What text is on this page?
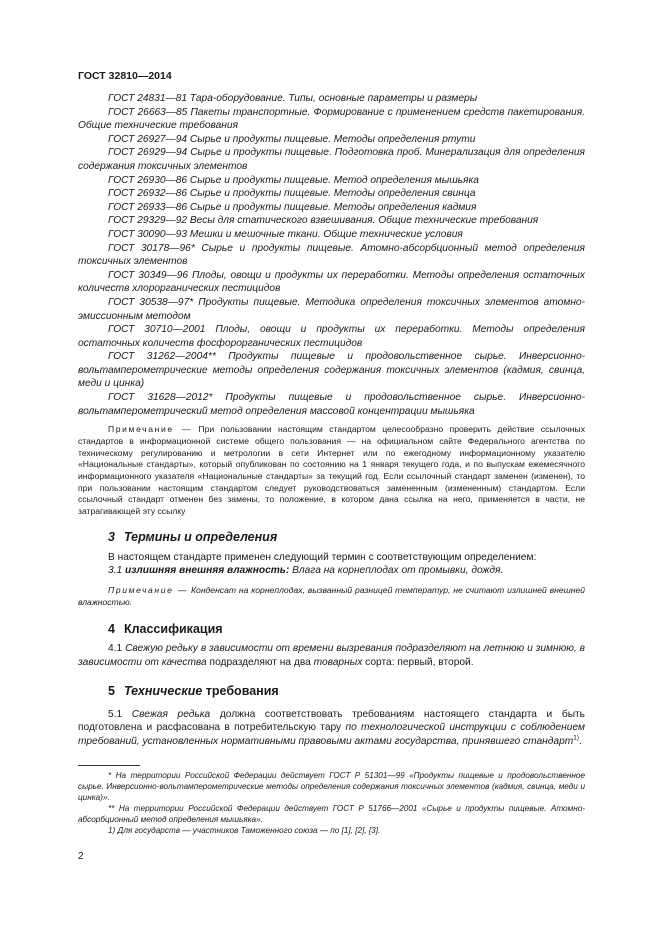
ГОСТ 32810—2014

ГОСТ 24831—81 Тара-оборудование. Типы, основные параметры и размеры

ГОСТ 26663—85 Пакеты транспортные. Формирование с применением средств пакетирования. Общие технические требования

ГОСТ 26927—94 Сырье и продукты пищевые. Методы определения ртути

ГОСТ 26929—94 Сырье и продукты пищевые. Подготовка проб. Минерализация для определения содержания токсичных элементов

ГОСТ 26930—86 Сырье и продукты пищевые. Метод определения мышьяка

ГОСТ 26932—86 Сырье и продукты пищевые. Методы определения свинца

ГОСТ 26933—86 Сырье и продукты пищевые. Методы определения кадмия

ГОСТ 29329—92 Весы для статического взвешивания. Общие технические требования

ГОСТ 30090—93 Мешки и мешочные ткани. Общие технические условия

ГОСТ 30178—96* Сырье и продукты пищевые. Атомно-абсорбционный метод определения токсичных элементов

ГОСТ 30349—96 Плоды, овощи и продукты их переработки. Методы определения остаточных количеств хлорорганических пестицидов

ГОСТ 30538—97* Продукты пищевые. Методика определения токсичных элементов атомно-эмиссионным методом

ГОСТ 30710—2001 Плоды, овощи и продукты их переработки. Методы определения остаточных количеств фосфорорганических пестицидов

ГОСТ 31262—2004** Продукты пищевые и продовольственное сырье. Инверсионно-вольтамперометрические методы определения содержания токсичных элементов (кадмия, свинца, меди и цинка)

ГОСТ 31628—2012* Продукты пищевые и продовольственное сырье. Инверсионно-вольтамперометрический метод определения массовой концентрации мышьяка

Примечание — При пользовании настоящим стандартом целесообразно проверить действие ссылочных стандартов в информационной системе общего пользования — на официальном сайте Федерального агентства по техническому регулированию и метрологии в сети Интернет или по ежегодному информационному указателю «Национальные стандарты», который опубликован по состоянию на 1 января текущего года, и по выпускам ежемесячного информационного указателя «Национальные стандарты» за текущий год. Если ссылочный стандарт заменен (изменен), то при пользовании настоящим стандартом следует руководствоваться замененным (измененным) стандартом. Если ссылочный стандарт отменен без замены, то положение, в котором дана ссылка на него, применяется в части, не затрагивающей эту ссылку

3 Термины и определения

В настоящем стандарте применен следующий термин с соответствующим определением:

3.1 излишняя внешняя влажность: Влага на корнеплодах от промывки, дождя.

Примечание — Конденсат на корнеплодах, вызванный разницей температур, не считают излишней внешней влажностью.

4 Классификация

4.1 Свежую редьку в зависимости от времени вызревания подразделяют на летнюю и зимнюю, в зависимости от качества подразделяют на два товарных сорта: первый, второй.

5 Технические требования

5.1 Свежая редька должна соответствовать требованиям настоящего стандарта и быть подготовлена и расфасована в потребительскую тару по технологической инструкции с соблюдением требований, установленных нормативными правовыми актами государства, принявшего стандарт$^{1)}$.

* На территории Российской Федерации действует ГОСТ Р 51301—99 «Продукты пищевые и продовольственное сырье. Инверсионно-вольтамперометрические методы определения содержания токсичных элементов (кадмия, свинца, меди и цинка)».

** На территории Российской Федерации действует ГОСТ Р 51766—2001 «Сырье и продукты пищевые. Атомно-абсорбционный метод определения мышьяка».

1) Для государств — участников Таможенного союза — по [1], [2], [3].

2
